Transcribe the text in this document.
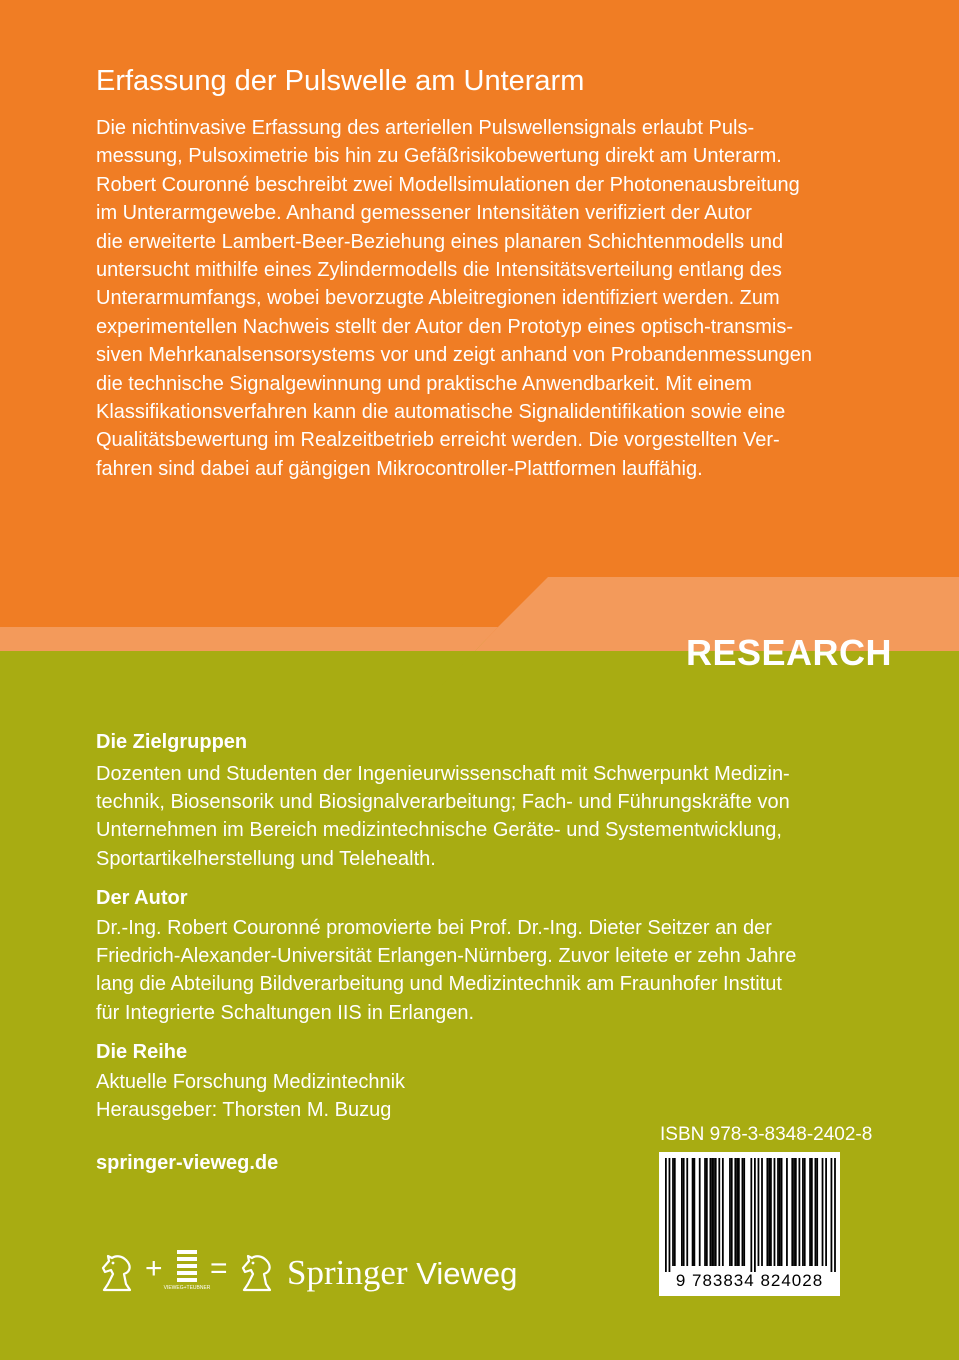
Erfassung der Pulswelle am Unterarm
Die nichtinvasive Erfassung des arteriellen Pulswellensignals erlaubt Puls-
messung, Pulsoximetrie bis hin zu Gefäßrisikobewertung direkt am Unterarm.
Robert Couronné beschreibt zwei Modellsimulationen der Photonenausbreitung
im Unterarmgewebe. Anhand gemessener Intensitäten verifiziert der Autor
die erweiterte Lambert-Beer-Beziehung eines planaren Schichtenmodells und
untersucht mithilfe eines Zylindermodells die Intensitätsverteilung entlang des
Unterarmumfangs, wobei bevorzugte Ableitregionen identifiziert werden. Zum
experimentellen Nachweis stellt der Autor den Prototyp eines optisch-transmis-
siven Mehrkanalsensorsystems vor und zeigt anhand von Probandenmessungen
die technische Signalgewinnung und praktische Anwendbarkeit. Mit einem
Klassifikationsverfahren kann die automatische Signalidentifikation sowie eine
Qualitätsbewertung im Realzeitbetrieb erreicht werden. Die vorgestellten Ver-
fahren sind dabei auf gängigen Mikrocontroller-Plattformen lauffähig.
RESEARCH
Die Zielgruppen
Dozenten und Studenten der Ingenieurwissenschaft mit Schwerpunkt Medizin-
technik, Biosensorik und Biosignalverarbeitung; Fach- und Führungskräfte von
Unternehmen im Bereich medizintechnische Geräte- und Systementwicklung,
Sportartikelherstellung und Telehealth.
Der Autor
Dr.-Ing. Robert Couronné promovierte bei Prof. Dr.-Ing. Dieter Seitzer an der
Friedrich-Alexander-Universität Erlangen-Nürnberg. Zuvor leitete er zehn Jahre
lang die Abteilung Bildverarbeitung und Medizintechnik am Fraunhofer Institut
für Integrierte Schaltungen IIS in Erlangen.
Die Reihe
Aktuelle Forschung Medizintechnik
Herausgeber: Thorsten M. Buzug
springer-vieweg.de
ISBN 978-3-8348-2402-8
9 783834 824028
+
VIEWEG+TEUBNER
= Springer Vieweg
